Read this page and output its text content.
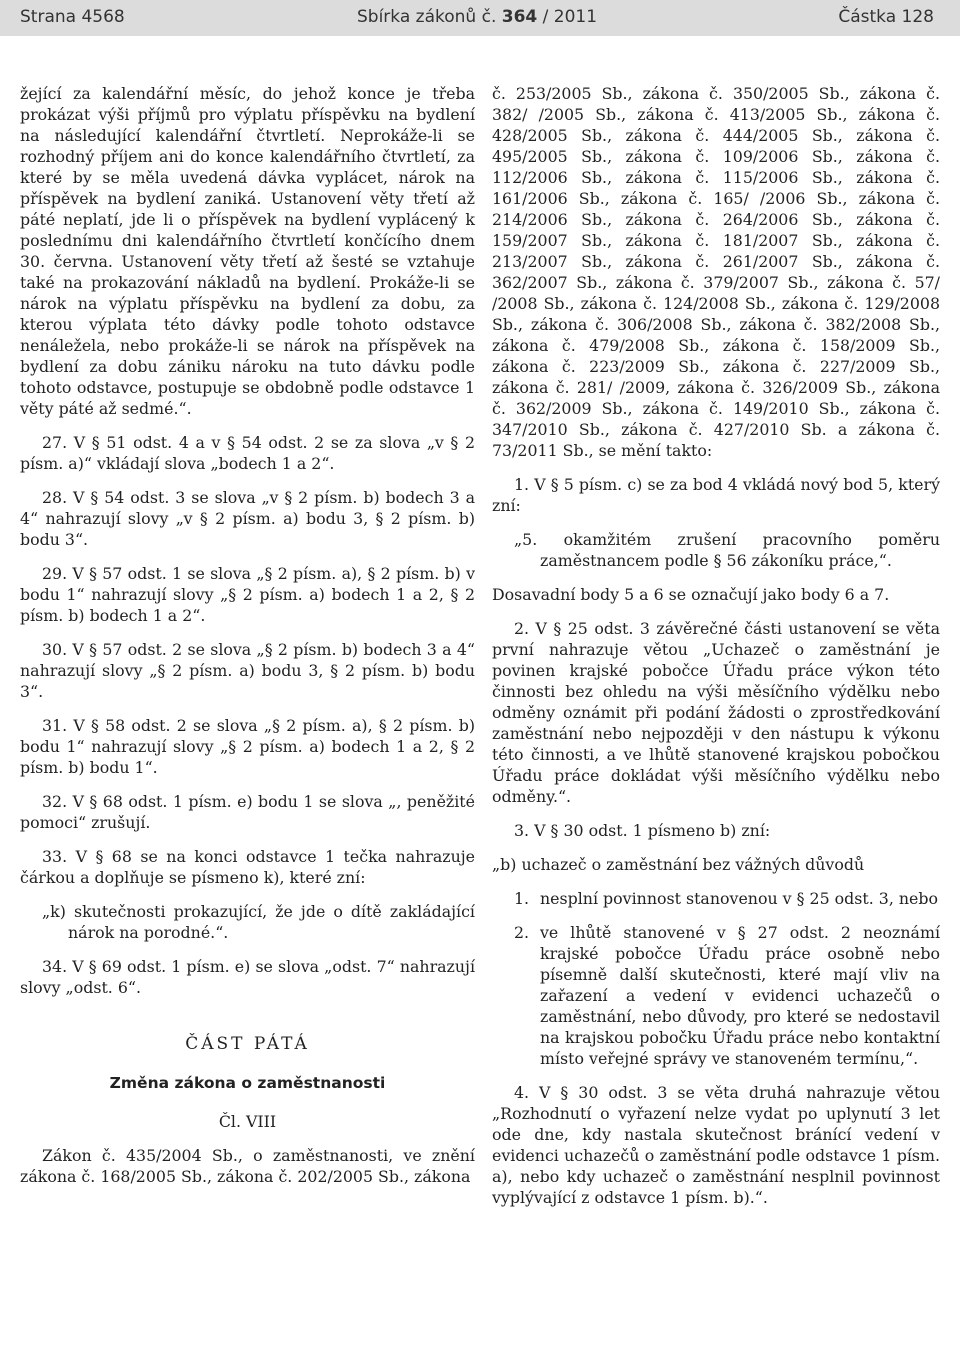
Strana 4568	Sbírka zákonů č. 364 / 2011	Částka 128

žející za kalendářní měsíc, do jehož konce je třeba prokázat výši příjmů pro výplatu příspěvku na bydlení na následující kalendářní čtvrtletí. Neprokáže-li se rozhodný příjem ani do konce kalendářního čtvrtletí, za které by se měla uvedená dávka vyplácet, nárok na příspěvek na bydlení zaniká. Ustanovení věty třetí až páté neplatí, jde li o příspěvek na bydlení vyplácený k poslednímu dni kalendářního čtvrtletí končícího dnem 30. června. Ustanovení věty třetí až šesté se vztahuje také na prokazování nákladů na bydlení. Prokáže-li se nárok na výplatu příspěvku na bydlení za dobu, za kterou výplata této dávky podle tohoto odstavce nenáležela, nebo prokáže-li se nárok na příspěvek na bydlení za dobu zániku nároku na tuto dávku podle tohoto odstavce, postupuje se obdobně podle odstavce 1 věty páté až sedmé.“.

27. V § 51 odst. 4 a v § 54 odst. 2 se za slova „v § 2 písm. a)“ vkládají slova „bodech 1 a 2“.

28. V § 54 odst. 3 se slova „v § 2 písm. b) bodech 3 a 4“ nahrazují slovy „v § 2 písm. a) bodu 3, § 2 písm. b) bodu 3“.

29. V § 57 odst. 1 se slova „§ 2 písm. a), § 2 písm. b) v bodu 1“ nahrazují slovy „§ 2 písm. a) bodech 1 a 2, § 2 písm. b) bodech 1 a 2“.

30. V § 57 odst. 2 se slova „§ 2 písm. b) bodech 3 a 4“ nahrazují slovy „§ 2 písm. a) bodu 3, § 2 písm. b) bodu 3“.

31. V § 58 odst. 2 se slova „§ 2 písm. a), § 2 písm. b) bodu 1“ nahrazují slovy „§ 2 písm. a) bodech 1 a 2, § 2 písm. b) bodu 1“.

32. V § 68 odst. 1 písm. e) bodu 1 se slova „, peněžité pomoci“ zrušují.

33. V § 68 se na konci odstavce 1 tečka nahrazuje čárkou a doplňuje se písmeno k), které zní:

„k) skutečnosti prokazující, že jde o dítě zakládající nárok na porodné.“.

34. V § 69 odst. 1 písm. e) se slova „odst. 7“ nahrazují slovy „odst. 6“.

ČÁST PÁTÁ

Změna zákona o zaměstnanosti

Čl. VIII

Zákon č. 435/2004 Sb., o zaměstnanosti, ve znění zákona č. 168/2005 Sb., zákona č. 202/2005 Sb., zákona

č. 253/2005 Sb., zákona č. 350/2005 Sb., zákona č. 382/ /2005 Sb., zákona č. 413/2005 Sb., zákona č. 428/2005 Sb., zákona č. 444/2005 Sb., zákona č. 495/2005 Sb., zákona č. 109/2006 Sb., zákona č. 112/2006 Sb., zákona č. 115/2006 Sb., zákona č. 161/2006 Sb., zákona č. 165/ /2006 Sb., zákona č. 214/2006 Sb., zákona č. 264/2006 Sb., zákona č. 159/2007 Sb., zákona č. 181/2007 Sb., zákona č. 213/2007 Sb., zákona č. 261/2007 Sb., zákona č. 362/2007 Sb., zákona č. 379/2007 Sb., zákona č. 57/ /2008 Sb., zákona č. 124/2008 Sb., zákona č. 129/2008 Sb., zákona č. 306/2008 Sb., zákona č. 382/2008 Sb., zákona č. 479/2008 Sb., zákona č. 158/2009 Sb., zákona č. 223/2009 Sb., zákona č. 227/2009 Sb., zákona č. 281/ /2009, zákona č. 326/2009 Sb., zákona č. 362/2009 Sb., zákona č. 149/2010 Sb., zákona č. 347/2010 Sb., zákona č. 427/2010 Sb. a zákona č. 73/2011 Sb., se mění takto:

1. V § 5 písm. c) se za bod 4 vkládá nový bod 5, který zní:

„5. okamžitém zrušení pracovního poměru zaměstnancem podle § 56 zákoníku práce,“.

Dosavadní body 5 a 6 se označují jako body 6 a 7.

2. V § 25 odst. 3 závěrečné části ustanovení se věta první nahrazuje větou „Uchazeč o zaměstnání je povinen krajské pobočce Úřadu práce výkon této činnosti bez ohledu na výši měsíčního výdělku nebo odměny oznámit při podání žádosti o zprostředkování zaměstnání nebo nejpozději v den nástupu k výkonu této činnosti, a ve lhůtě stanovené krajskou pobočkou Úřadu práce dokládat výši měsíčního výdělku nebo odměny.“.

3. V § 30 odst. 1 písmeno b) zní:

„b) uchazeč o zaměstnání bez vážných důvodů

1. nesplní povinnost stanovenou v § 25 odst. 3, nebo
2. ve lhůtě stanovené v § 27 odst. 2 neoznámí krajské pobočce Úřadu práce osobně nebo písemně další skutečnosti, které mají vliv na zařazení a vedení v evidenci uchazečů o zaměstnání, nebo důvody, pro které se nedostavil na krajskou pobočku Úřadu práce nebo kontaktní místo veřejné správy ve stanoveném termínu,“.

4. V § 30 odst. 3 se věta druhá nahrazuje větou „Rozhodnutí o vyřazení nelze vydat po uplynutí 3 let ode dne, kdy nastala skutečnost bránící vedení v evidenci uchazečů o zaměstnání podle odstavce 1 písm. a), nebo kdy uchazeč o zaměstnání nesplnil povinnost vyplývající z odstavce 1 písm. b).“.
